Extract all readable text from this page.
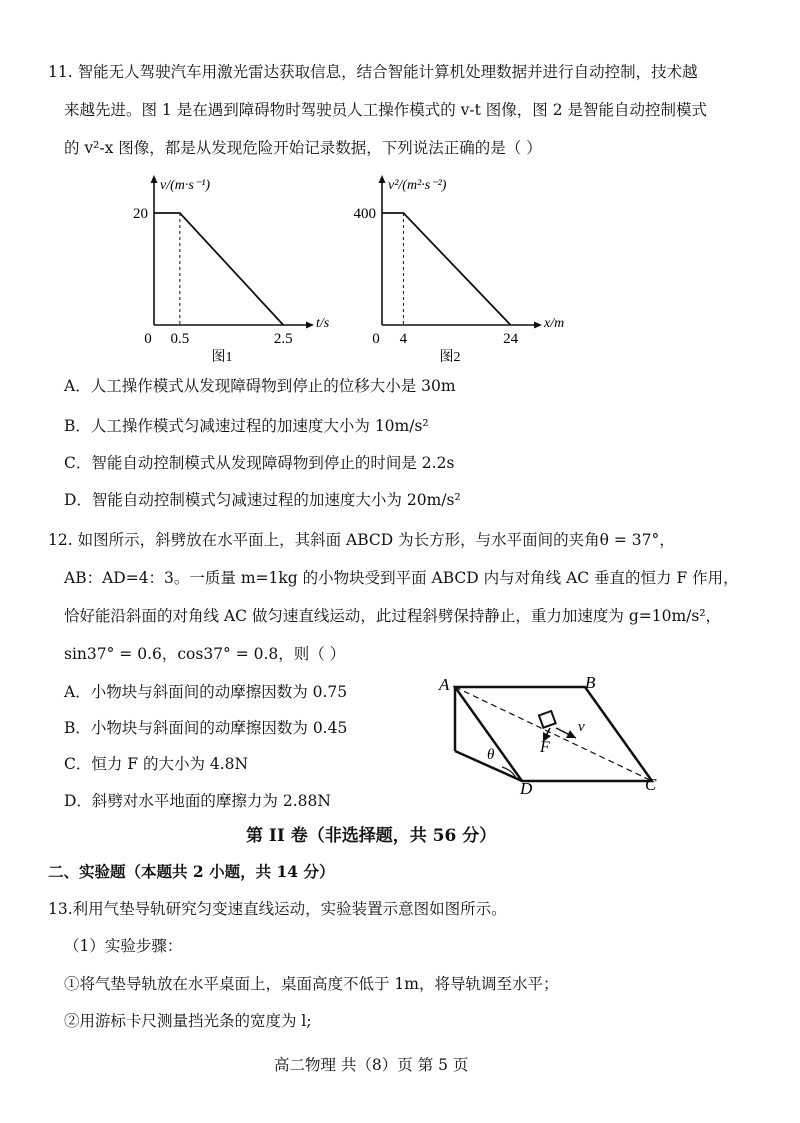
11. 智能无人驾驶汽车用激光雷达获取信息，结合智能计算机处理数据并进行自动控制，技术越
来越先进。图 1 是在遇到障碍物时驾驶员人工操作模式的 v-t 图像，图 2 是智能自动控制模式
的 v²-x 图像，都是从发现危险开始记录数据，下列说法正确的是（ ）
0 0.5	2.5
20
v/(m·s⁻¹)
t/s
图1
0 4	24
400
v²/(m²·s⁻²)
x/m
图2
A．人工操作模式从发现障碍物到停止的位移大小是 30m
B．人工操作模式匀减速过程的加速度大小为 10m/s²
C．智能自动控制模式从发现障碍物到停止的时间是 2.2s
D．智能自动控制模式匀减速过程的加速度大小为 20m/s²
12. 如图所示，斜劈放在水平面上，其斜面 ABCD 为长方形，与水平面间的夹角θ = 37°，
AB：AD=4：3。一质量 m=1kg 的小物块受到平面 ABCD 内与对角线 AC 垂直的恒力 F 作用，
恰好能沿斜面的对角线 AC 做匀速直线运动，此过程斜劈保持静止，重力加速度为 g=10m/s²，
sin37° = 0.6，cos37° = 0.8，则（ ）
A．小物块与斜面间的动摩擦因数为 0.75
B．小物块与斜面间的动摩擦因数为 0.45
C．恒力 F 的大小为 4.8N
D．斜劈对水平地面的摩擦力为 2.88N
A	B
C
D
θ
v
F
第 II 卷（非选择题，共 56 分）
二、实验题（本题共 2 小题，共 14 分）
13.利用气垫导轨研究匀变速直线运动，实验装置示意图如图所示。
（1）实验步骤：
①将气垫导轨放在水平桌面上，桌面高度不低于 1m，将导轨调至水平；
②用游标卡尺测量挡光条的宽度为 l;
高二物理 共（8）页 第 5 页
